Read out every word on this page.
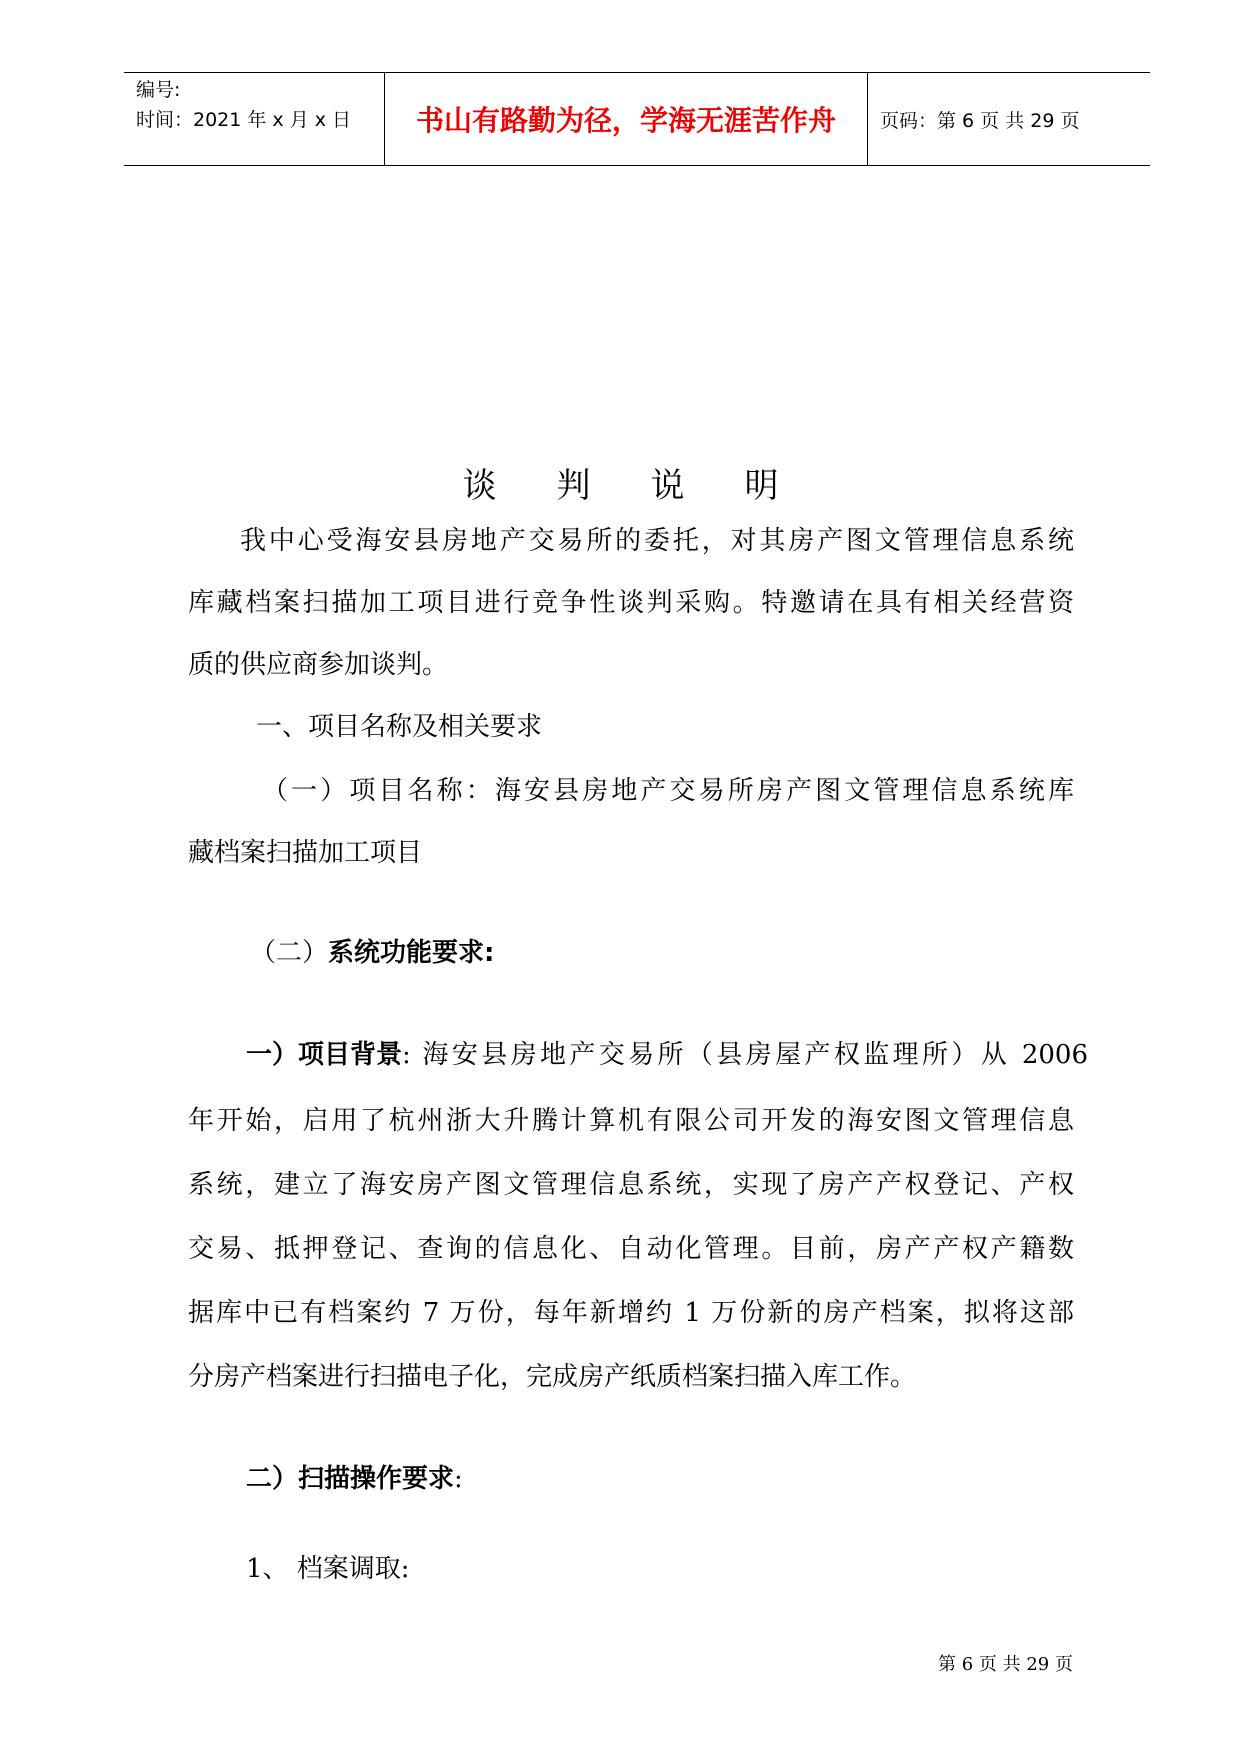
编号:
时间：2021 年 x 月 x 日	书山有路勤为径，学海无涯苦作舟	页码：第 6 页 共 29 页
谈 判 说 明
我中心受海安县房地产交易所的委托，对其房产图文管理信息系统
库藏档案扫描加工项目进行竞争性谈判采购。特邀请在具有相关经营资
质的供应商参加谈判。
一、项目名称及相关要求
（一）项目名称：海安县房地产交易所房产图文管理信息系统库
藏档案扫描加工项目
（二）系统功能要求:
一）项目背景 : 海安县房地产交易所（县房屋产权监理所）从 2006
年开始，启用了杭州浙大升腾计算机有限公司开发的海安图文管理信息
系统，建立了海安房产图文管理信息系统，实现了房产产权登记、产权
交易、抵押登记、查询的信息化、自动化管理。目前，房产产权产籍数
据库中已有档案约 7 万份，每年新增约 1 万份新的房产档案，拟将这部
分房产档案进行扫描电子化，完成房产纸质档案扫描入库工作。
二）扫描操作要求:
1、 档案调取:
第 6 页 共 29 页
